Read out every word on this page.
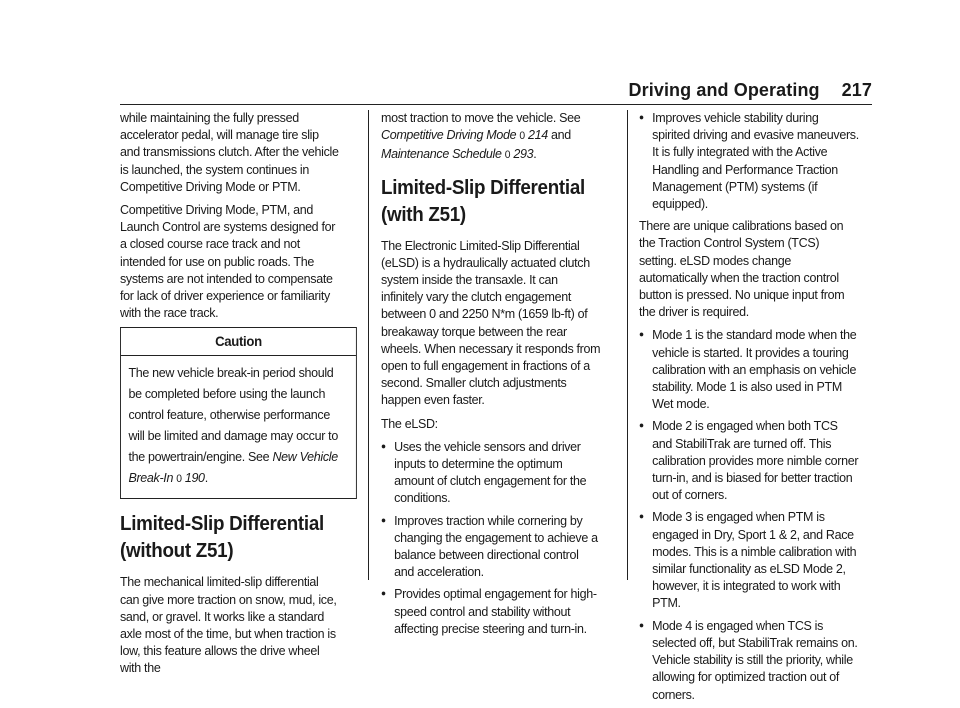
Driving and Operating 217

while maintaining the fully pressed accelerator pedal, will manage tire slip and transmissions clutch. After the vehicle is launched, the system continues in Competitive Driving Mode or PTM.

Competitive Driving Mode, PTM, and Launch Control are systems designed for a closed course race track and not intended for use on public roads. The systems are not intended to compensate for lack of driver experience or familiarity with the race track.

Caution
The new vehicle break-in period should be completed before using the launch control feature, otherwise performance will be limited and damage may occur to the powertrain/engine. See New Vehicle Break-In 0 190.
Limited-Slip Differential (without Z51)

The mechanical limited-slip differential can give more traction on snow, mud, ice, sand, or gravel. It works like a standard axle most of the time, but when traction is low, this feature allows the drive wheel with the

most traction to move the vehicle. See Competitive Driving Mode 0 214 and Maintenance Schedule 0 293.

Limited-Slip Differential (with Z51)

The Electronic Limited-Slip Differential (eLSD) is a hydraulically actuated clutch system inside the transaxle. It can infinitely vary the clutch engagement between 0 and 2250 N*m (1659 lb-ft) of breakaway torque between the rear wheels. When necessary it responds from open to full engagement in fractions of a second. Smaller clutch adjustments happen even faster.

The eLSD:

● Uses the vehicle sensors and driver inputs to determine the optimum amount of clutch engagement for the conditions.
● Improves traction while cornering by changing the engagement to achieve a balance between directional control and acceleration.
● Provides optimal engagement for high-speed control and stability without affecting precise steering and turn-in.
● Improves vehicle stability during spirited driving and evasive maneuvers. It is fully integrated with the Active Handling and Performance Traction Management (PTM) systems (if equipped).

There are unique calibrations based on the Traction Control System (TCS) setting. eLSD modes change automatically when the traction control button is pressed. No unique input from the driver is required.

● Mode 1 is the standard mode when the vehicle is started. It provides a touring calibration with an emphasis on vehicle stability. Mode 1 is also used in PTM Wet mode.
● Mode 2 is engaged when both TCS and StabiliTrak are turned off. This calibration provides more nimble corner turn-in, and is biased for better traction out of corners.
● Mode 3 is engaged when PTM is engaged in Dry, Sport 1 & 2, and Race modes. This is a nimble calibration with similar functionality as eLSD Mode 2, however, it is integrated to work with PTM.
● Mode 4 is engaged when TCS is selected off, but StabiliTrak remains on. Vehicle stability is still the priority, while allowing for optimized traction out of corners.
